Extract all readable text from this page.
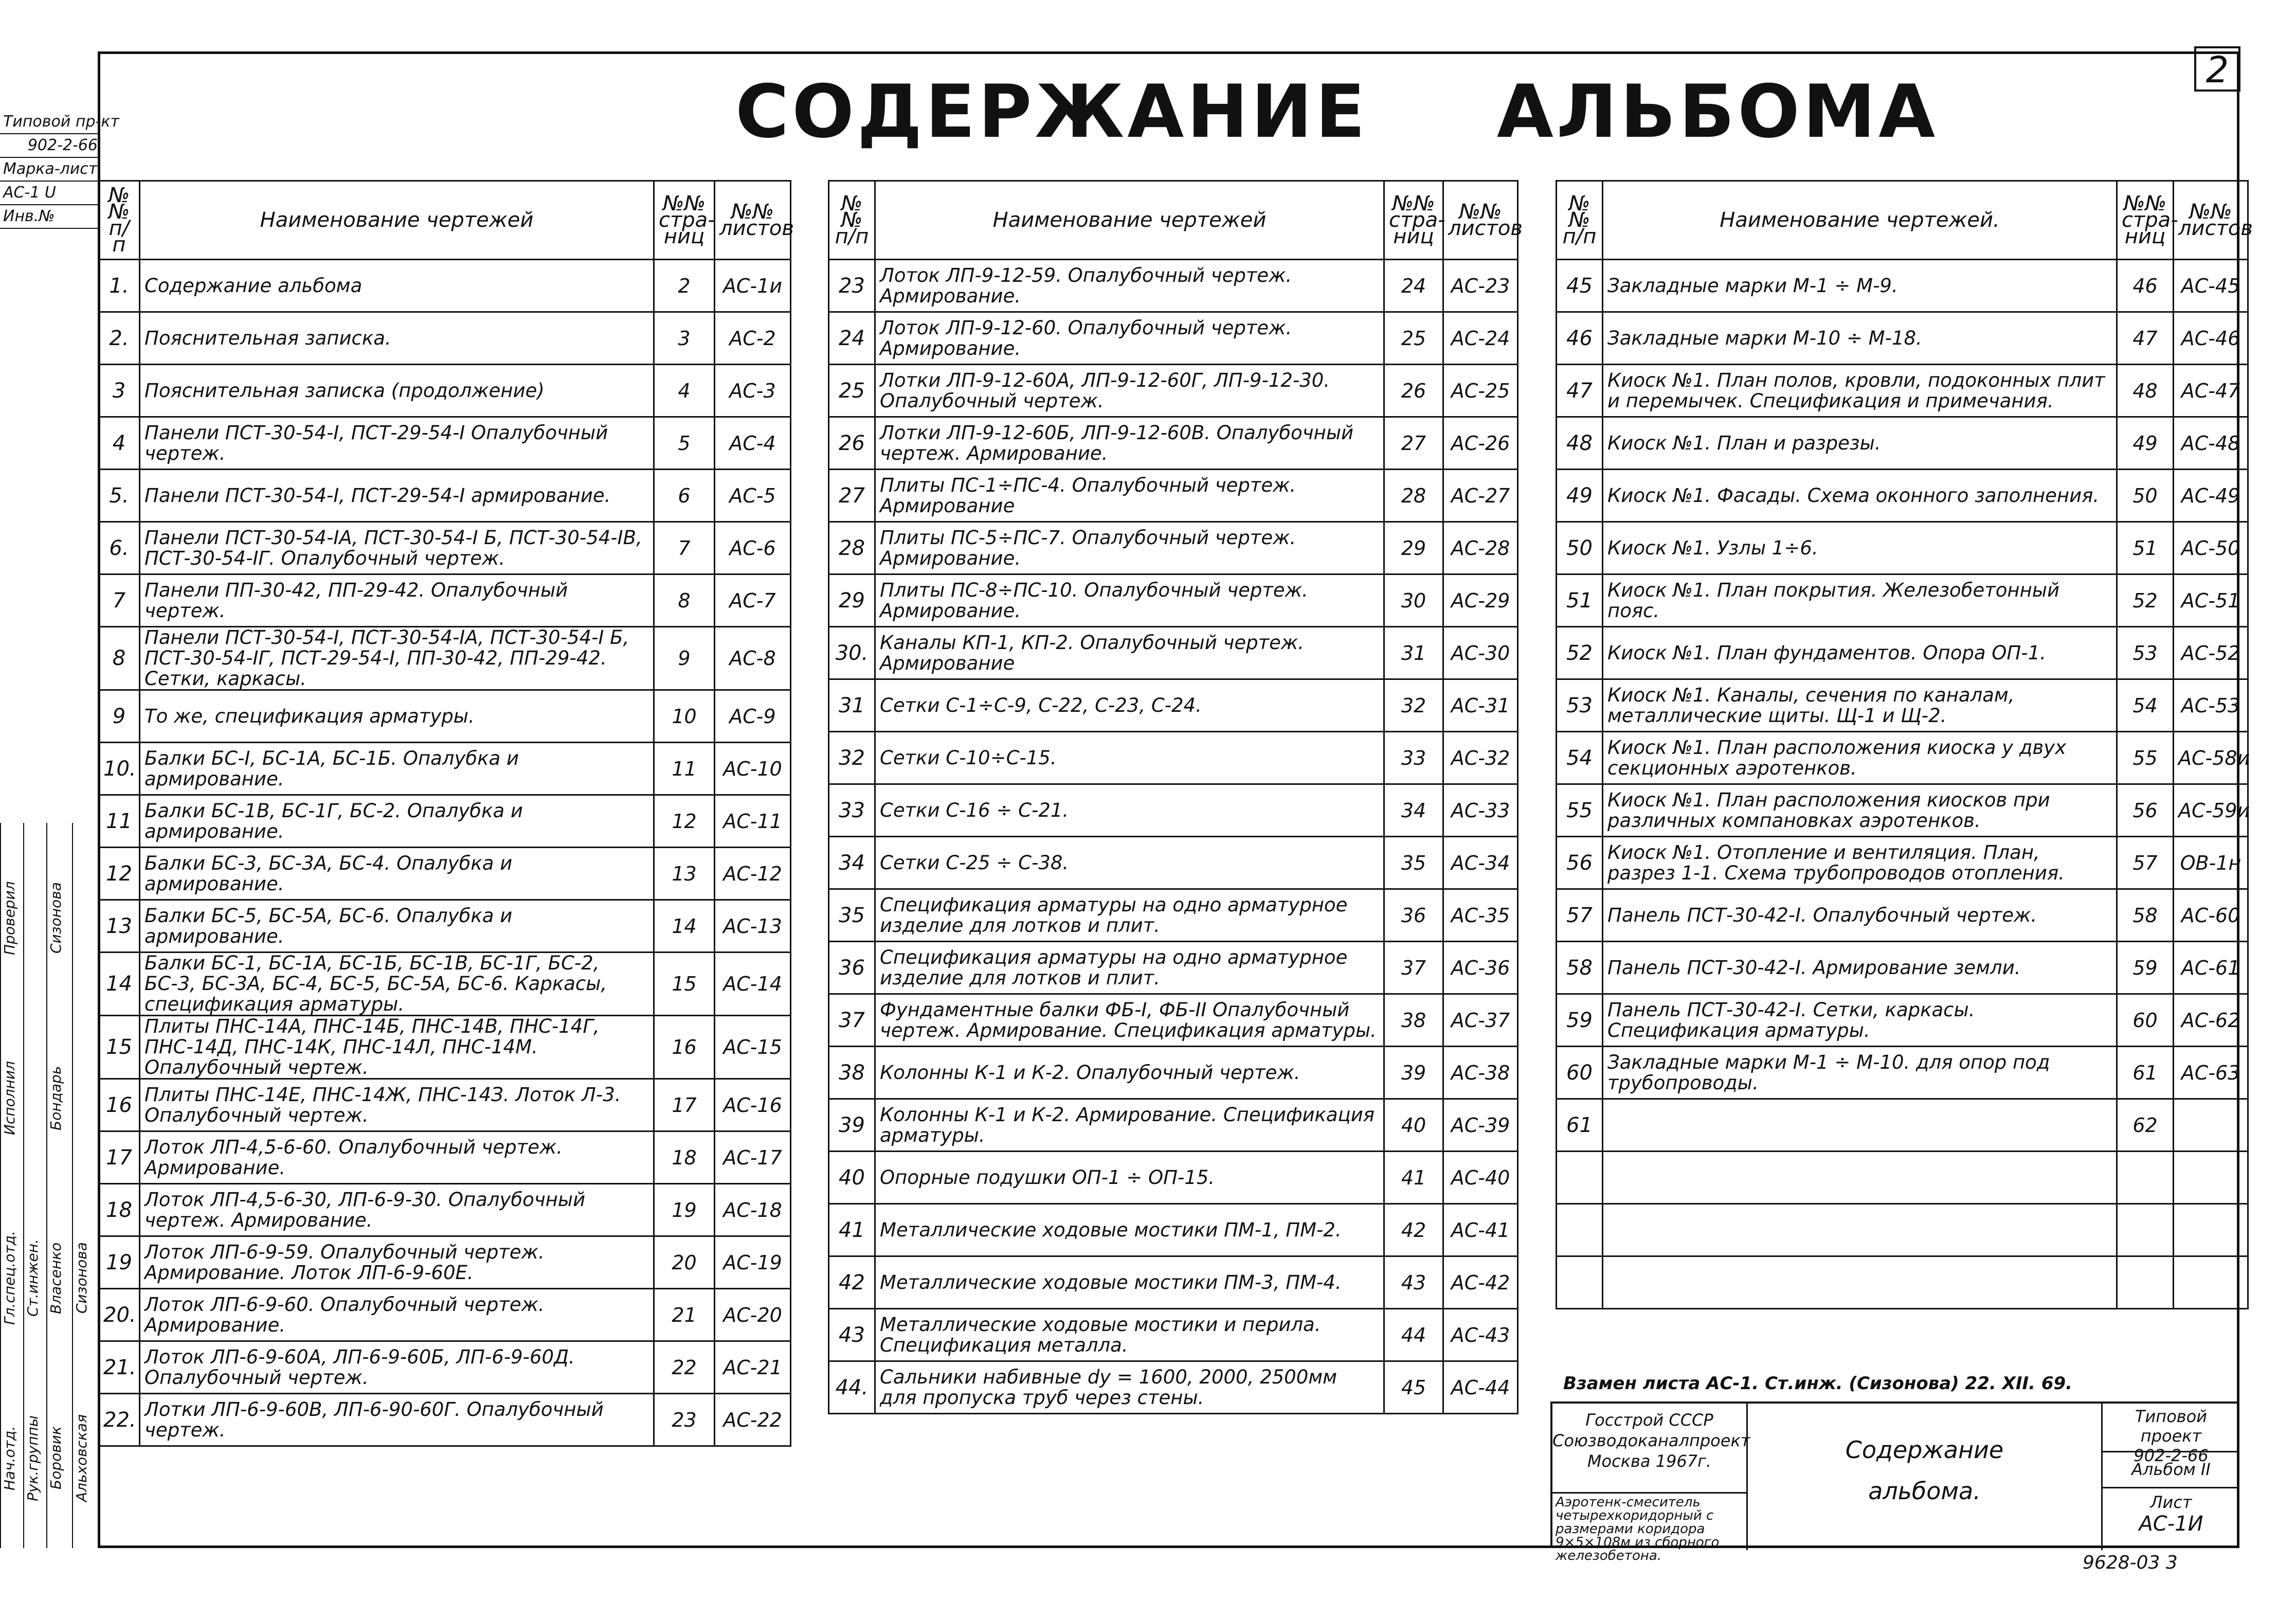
2
СОДЕРЖАНИЕ АЛЬБОМА
Типовой пр-кт
902-2-66
Марка-лист
АС-1 U
Инв.№
Нач.отд.
Гл.спец.отд.
Исполнил
Проверил
Рук.группы
Ст.инжен.
Боровик
Власенко
Бондарь
Сизонова
Альховская
Сизонова
№№ п/п	Наименование чертежей	№№ стра-ниц	№№ листов
1.	Содержание альбома	2	АС-1и
2.	Пояснительная записка.	3	АС-2
3	Пояснительная записка (продолжение)	4	АС-3
4	Панели ПСТ-30-54-I, ПСТ-29-54-I Опалубочный чертеж.	5	АС-4
5.	Панели ПСТ-30-54-I, ПСТ-29-54-I армирование.	6	АС-5
6.	Панели ПСТ-30-54-IА, ПСТ-30-54-I Б, ПСТ-30-54-IВ, ПСТ-30-54-IГ. Опалубочный чертеж.	7	АС-6
7	Панели ПП-30-42, ПП-29-42. Опалубочный чертеж.	8	АС-7
8	Панели ПСТ-30-54-I, ПСТ-30-54-IА, ПСТ-30-54-I Б, ПСТ-30-54-IГ, ПСТ-29-54-I, ПП-30-42, ПП-29-42. Сетки, каркасы.	9	АС-8
9	То же, спецификация арматуры.	10	АС-9
10.	Балки БС-I, БС-1А, БС-1Б. Опалубка и армирование.	11	АС-10
11	Балки БС-1В, БС-1Г, БС-2. Опалубка и армирование.	12	АС-11
12	Балки БС-3, БС-3А, БС-4. Опалубка и армирование.	13	АС-12
13	Балки БС-5, БС-5А, БС-6. Опалубка и армирование.	14	АС-13
14	Балки БС-1, БС-1А, БС-1Б, БС-1В, БС-1Г, БС-2, БС-3, БС-3А, БС-4, БС-5, БС-5А, БС-6. Каркасы, спецификация арматуры.	15	АС-14
15	Плиты ПНС-14А, ПНС-14Б, ПНС-14В, ПНС-14Г, ПНС-14Д, ПНС-14К, ПНС-14Л, ПНС-14М. Опалубочный чертеж.	16	АС-15
16	Плиты ПНС-14Е, ПНС-14Ж, ПНС-14З. Лоток Л-3. Опалубочный чертеж.	17	АС-16
17	Лоток ЛП-4,5-6-60. Опалубочный чертеж. Армирование.	18	АС-17
18	Лоток ЛП-4,5-6-30, ЛП-6-9-30. Опалубочный чертеж. Армирование.	19	АС-18
19	Лоток ЛП-6-9-59. Опалубочный чертеж. Армирование. Лоток ЛП-6-9-60Е.	20	АС-19
20.	Лоток ЛП-6-9-60. Опалубочный чертеж. Армирование.	21	АС-20
21.	Лоток ЛП-6-9-60А, ЛП-6-9-60Б, ЛП-6-9-60Д. Опалубочный чертеж.	22	АС-21
22.	Лотки ЛП-6-9-60В, ЛП-6-90-60Г. Опалубочный чертеж.	23	АС-22
№№ п/п	Наименование чертежей	№№ стра-ниц	№№ листов
23	Лоток ЛП-9-12-59. Опалубочный чертеж. Армирование.	24	АС-23
24	Лоток ЛП-9-12-60. Опалубочный чертеж. Армирование.	25	АС-24
25	Лотки ЛП-9-12-60А, ЛП-9-12-60Г, ЛП-9-12-30. Опалубочный чертеж.	26	АС-25
26	Лотки ЛП-9-12-60Б, ЛП-9-12-60В. Опалубочный чертеж. Армирование.	27	АС-26
27	Плиты ПС-1÷ПС-4. Опалубочный чертеж. Армирование	28	АС-27
28	Плиты ПС-5÷ПС-7. Опалубочный чертеж. Армирование.	29	АС-28
29	Плиты ПС-8÷ПС-10. Опалубочный чертеж. Армирование.	30	АС-29
30.	Каналы КП-1, КП-2. Опалубочный чертеж. Армирование	31	АС-30
31	Сетки С-1÷С-9, С-22, С-23, С-24.	32	АС-31
32	Сетки С-10÷С-15.	33	АС-32
33	Сетки С-16 ÷ С-21.	34	АС-33
34	Сетки С-25 ÷ С-38.	35	АС-34
35	Спецификация арматуры на одно арматурное изделие для лотков и плит.	36	АС-35
36	Спецификация арматуры на одно арматурное изделие для лотков и плит.	37	АС-36
37	Фундаментные балки ФБ-I, ФБ-II Опалубочный чертеж. Армирование. Спецификация арматуры.	38	АС-37
38	Колонны К-1 и К-2. Опалубочный чертеж.	39	АС-38
39	Колонны К-1 и К-2. Армирование. Спецификация арматуры.	40	АС-39
40	Опорные подушки ОП-1 ÷ ОП-15.	41	АС-40
41	Металлические ходовые мостики ПМ-1, ПМ-2.	42	АС-41
42	Металлические ходовые мостики ПМ-3, ПМ-4.	43	АС-42
43	Металлические ходовые мостики и перила. Спецификация металла.	44	АС-43
44.	Сальники набивные dу = 1600, 2000, 2500мм для пропуска труб через стены.	45	АС-44
№№ п/п	Наименование чертежей.	№№ стра-ниц	№№ листов
45	Закладные марки М-1 ÷ М-9.	46	АС-45
46	Закладные марки М-10 ÷ М-18.	47	АС-46
47	Киоск №1. План полов, кровли, подоконных плит и перемычек. Спецификация и примечания.	48	АС-47
48	Киоск №1. План и разрезы.	49	АС-48
49	Киоск №1. Фасады. Схема оконного заполнения.	50	АС-49
50	Киоск №1. Узлы 1÷6.	51	АС-50
51	Киоск №1. План покрытия. Железобетонный пояс.	52	АС-51
52	Киоск №1. План фундаментов. Опора ОП-1.	53	АС-52
53	Киоск №1. Каналы, сечения по каналам, металлические щиты. Щ-1 и Щ-2.	54	АС-53
54	Киоск №1. План расположения киоска у двух секционных аэротенков.	55	АС-58и
55	Киоск №1. План расположения киосков при различных компановках аэротенков.	56	АС-59и
56	Киоск №1. Отопление и вентиляция. План, разрез 1-1. Схема трубопроводов отопления.	57	ОВ-1н
57	Панель ПСТ-30-42-I. Опалубочный чертеж.	58	АС-60
58	Панель ПСТ-30-42-I. Армирование земли.	59	АС-61
59	Панель ПСТ-30-42-I. Сетки, каркасы. Спецификация арматуры.	60	АС-62
60	Закладные марки М-1 ÷ М-10. для опор под трубопроводы.	61	АС-63
61		62	

Взамен листа АС-1. Ст.инж. (Сизонова) 22. XII. 69.
Госстрой СССР
Союзводоканалпроект
Москва 1967г.
Аэротенк-смеситель четырехкоридорный с размерами коридора 9×5×108м из сборного железобетона.
Содержание
альбома.
Типовой проект
902-2-66
Альбом II
Лист
АС-1И
9628-03 3
